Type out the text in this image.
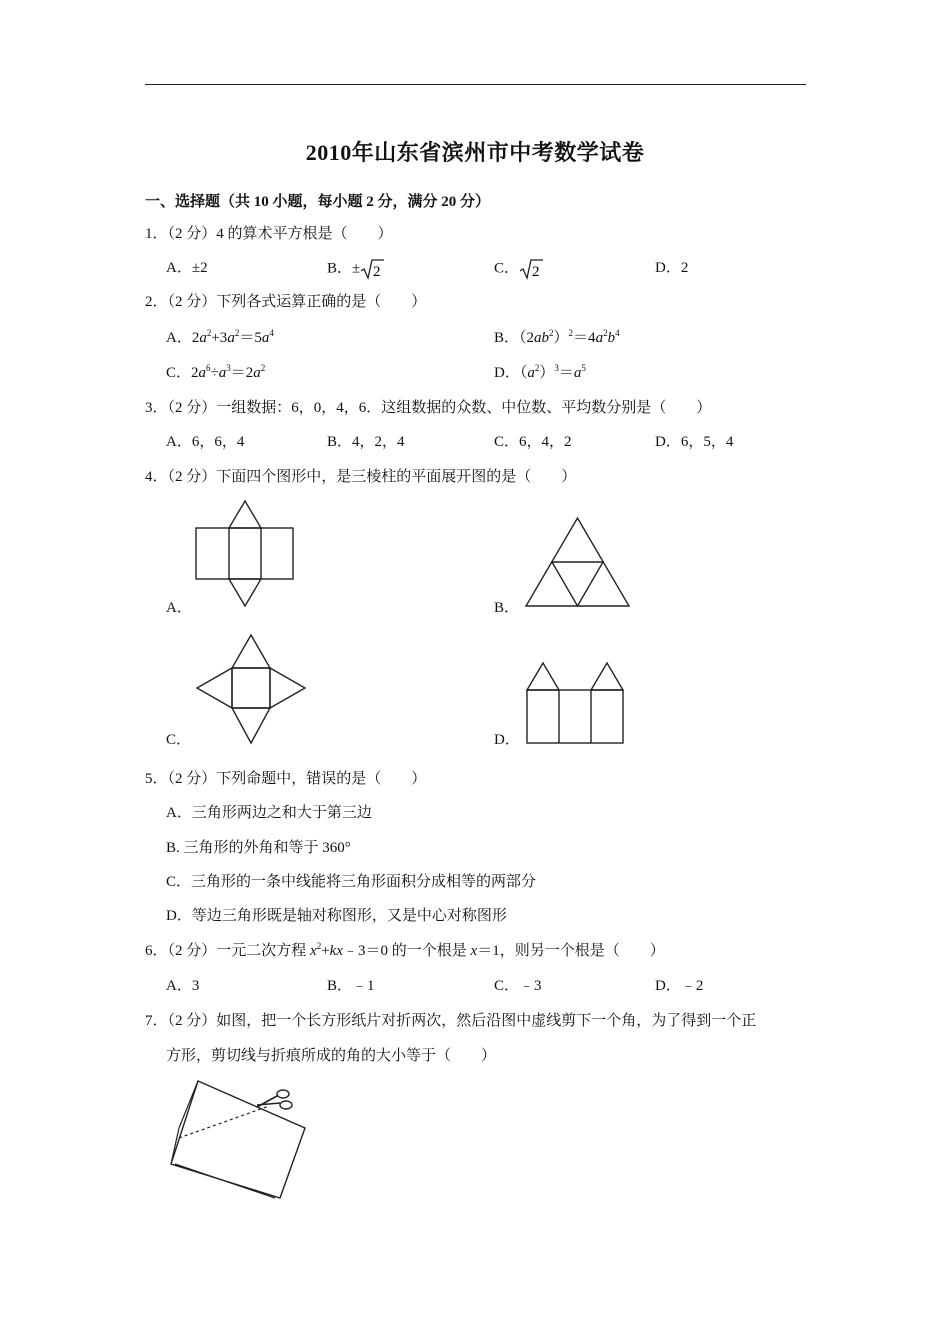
2010年山东省滨州市中考数学试卷
一、选择题（共 10 小题，每小题 2 分，满分 20 分）
1．（2 分）4 的算术平方根是（　　）
A．±2	B．± 2	C． 2	D．2
2．（2 分）下列各式运算正确的是（　　）
A．$2a^2+3a^2=5a^4$	B．$(2ab^2)^2=4a^2b^4$
C．$2a^6\div a^3=2a^2$	D．$(a^2)^3=a^5$
3．（2 分）一组数据：6，0，4，6．这组数据的众数、中位数、平均数分别是（　　）
A．6，6，4	B．4，2，4	C．6，4，2	D．6，5，4
4．（2 分）下面四个图形中，是三棱柱的平面展开图的是（　　）
A．	B．
C．	D．
5．（2 分）下列命题中，错误的是（　　）
A．三角形两边之和大于第三边
B. 三角形的外角和等于 360°
C．三角形的一条中线能将三角形面积分成相等的两部分
D．等边三角形既是轴对称图形，又是中心对称图形
6．（2 分）一元二次方程 $x^2+kx﹣3=0$ 的一个根是 x＝1，则另一个根是（　　）
A．3	B．﹣1	C．﹣3	D．﹣2
7．（2 分）如图，把一个长方形纸片对折两次，然后沿图中虚线剪下一个角，为了得到一个正
方形，剪切线与折痕所成的角的大小等于（　　）
